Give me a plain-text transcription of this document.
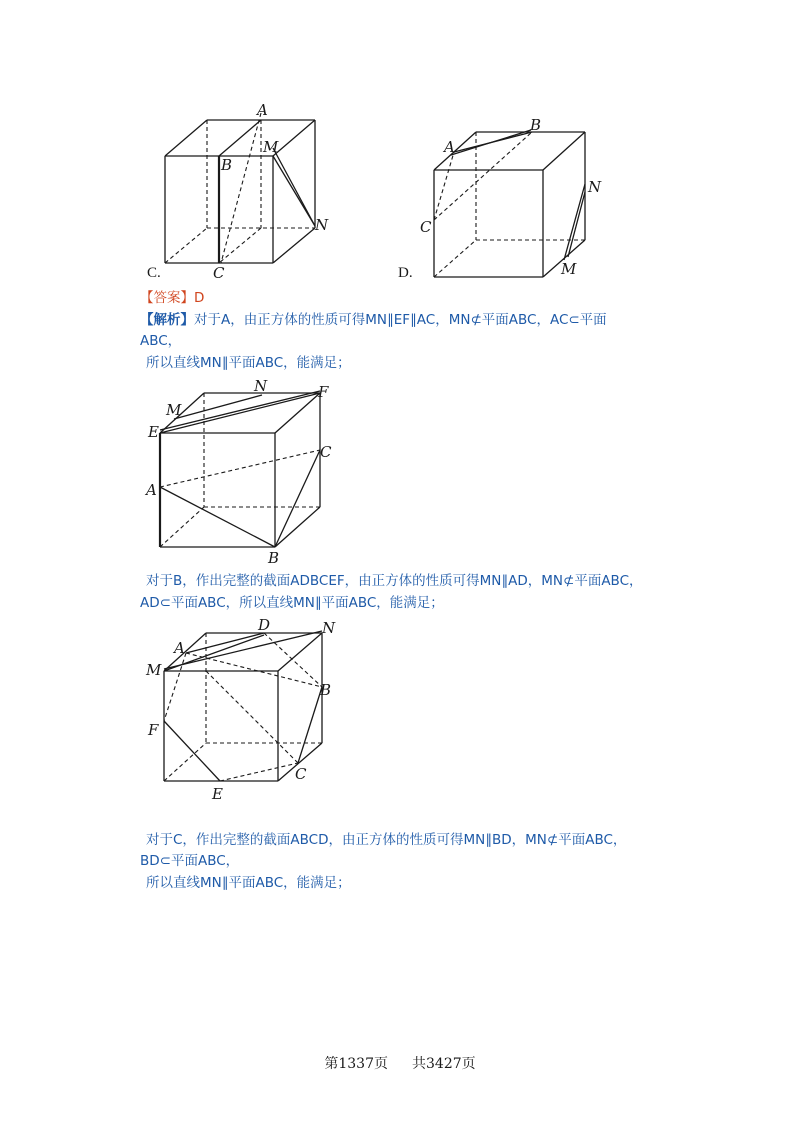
A
B
M
N
C
C.
A
B
C
N
M
D.
【答案】D
【解析】对于A，由正方体的性质可得MN∥EF∥AC，MN⊄平面ABC，AC⊂平面
ABC，
所以直线MN∥平面ABC，能满足；
E
M
N	F
C
A
B
对于B，作出完整的截面ADBCEF，由正方体的性质可得MN∥AD，MN⊄平面ABC，
AD⊂平面ABC，所以直线MN∥平面ABC，能满足；
A
D	N
M
B
F
C
E
对于C，作出完整的截面ABCD，由正方体的性质可得MN∥BD，MN⊄平面ABC，
BD⊂平面ABC，
所以直线MN∥平面ABC，能满足；
第1337页 共3427页
